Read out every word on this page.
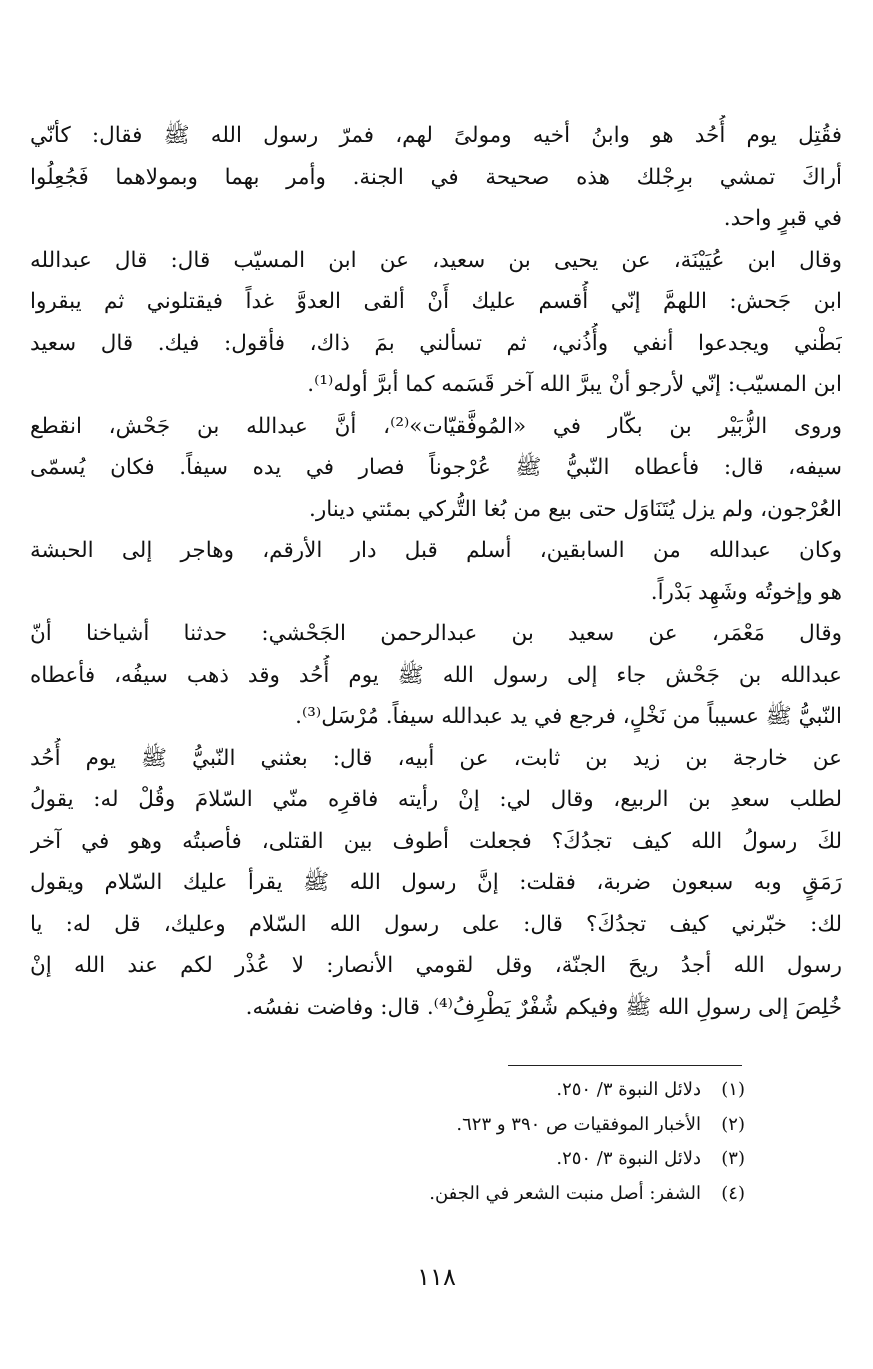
فقُتِل يوم أُحُد هو وابنُ أخيه ومولىً لهم، فمرّ رسول الله ﷺ فقال: كأنّي
أراكَ تمشي برِجْلك هذه صحيحة في الجنة. وأمر بهما وبمولاهما فَجُعِلُوا
في قبرٍ واحد.
وقال ابن عُيَيْنَة، عن يحيى بن سعيد، عن ابن المسيّب قال: قال عبدالله
ابن جَحش: اللهمَّ إنّي أُقسم عليك أَنْ ألقى العدوَّ غداً فيقتلوني ثم يبقروا
بَطْني ويجدعوا أنفي وأُذُني، ثم تسألني بمَ ذاك، فأقول: فيك. قال سعيد
ابن المسيّب: إنّي لأرجو أنْ يبرَّ الله آخر قَسَمه كما أبرَّ أوله⁽¹⁾.
وروى الزُّبَيْر بن بكّار في «المُوفَّقيّات»⁽²⁾، أنَّ عبدالله بن جَحْش، انقطع
سيفه، قال: فأعطاه النّبيُّ ﷺ عُرْجوناً فصار في يده سيفاً. فكان يُسمّى
العُرْجون، ولم يزل يُتَنَاوَل حتى بيع من بُغا التُّركي بمئتي دينار.
وكان عبدالله من السابقين، أسلم قبل دار الأرقم، وهاجر إلى الحبشة
هو وإخوتُه وشَهِد بَدْراً.
وقال مَعْمَر، عن سعيد بن عبدالرحمن الجَحْشي: حدثنا أشياخنا أنّ
عبدالله بن جَحْش جاء إلى رسول الله ﷺ يوم أُحُد وقد ذهب سيفُه، فأعطاه
النّبيُّ ﷺ عسيباً من نَخْلٍ، فرجع في يد عبدالله سيفاً. مُرْسَل⁽³⁾.
عن خارجة بن زيد بن ثابت، عن أبيه، قال: بعثني النّبيُّ ﷺ يوم أُحُد
لطلب سعدِ بن الربيع، وقال لي: إنْ رأيته فاقرِه منّي السّلامَ وقُلْ له: يقولُ
لكَ رسولُ الله كيف تجدُكَ؟ فجعلت أطوف بين القتلى، فأصبتُه وهو في آخر
رَمَقٍ وبه سبعون ضربة، فقلت: إنَّ رسول الله ﷺ يقرأ عليك السّلام ويقول
لك: خبّرني كيف تجدُكَ؟ قال: على رسول الله السّلام وعليك، قل له: يا
رسول الله أجدُ ريحَ الجنّة، وقل لقومي الأنصار: لا عُذْر لكم عند الله إنْ
خُلِصَ إلى رسولِ الله ﷺ وفيكم شُفْرٌ يَطْرِفُ⁽⁴⁾. قال: وفاضت نفسُه.
(١)دلائل النبوة ٣/ ٢٥٠.
(٢)الأخبار الموفقيات ص ٣٩٠ و ٦٢٣.
(٣)دلائل النبوة ٣/ ٢٥٠.
(٤)الشفر: أصل منبت الشعر في الجفن.
١١٨
